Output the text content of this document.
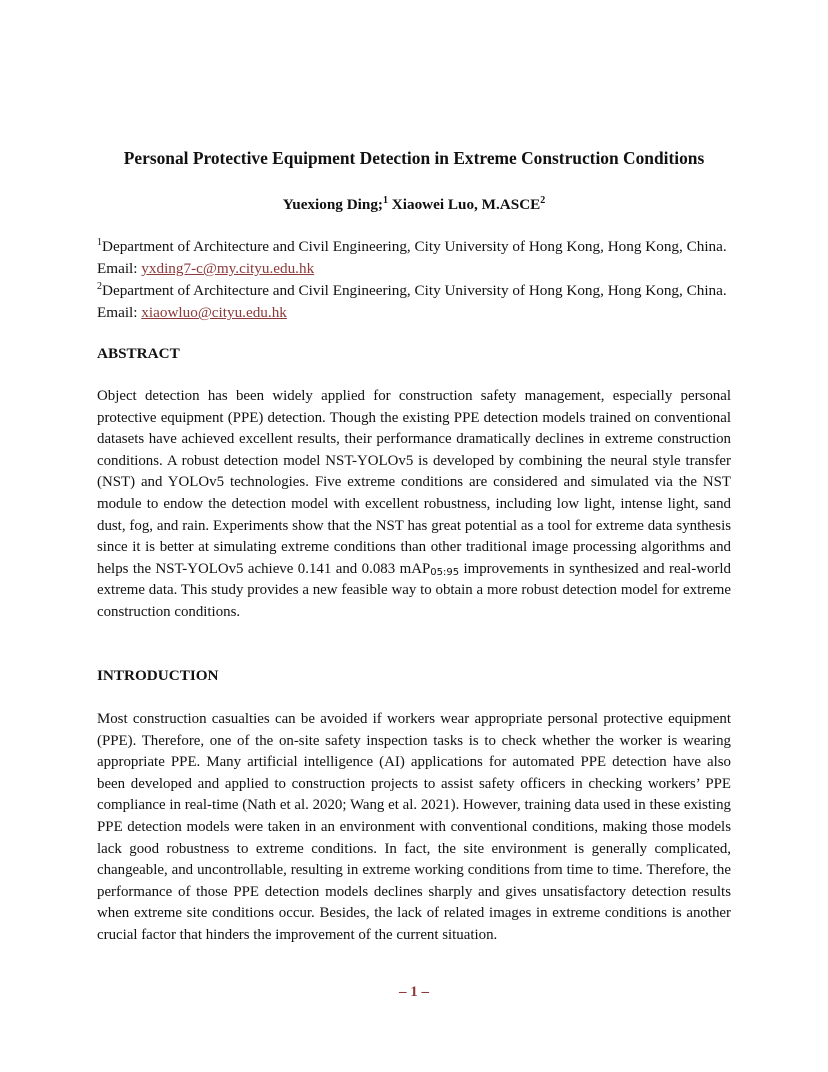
Personal Protective Equipment Detection in Extreme Construction Conditions

Yuexiong Ding;$^1$ Xiaowei Luo, M.ASCE$^2$

$^1$Department of Architecture and Civil Engineering, City University of Hong Kong, Hong Kong, China. Email: yxding7-c@my.cityu.edu.hk

$^2$Department of Architecture and Civil Engineering, City University of Hong Kong, Hong Kong, China. Email: xiaowluo@cityu.edu.hk

ABSTRACT

Object detection has been widely applied for construction safety management, especially personal protective equipment (PPE) detection. Though the existing PPE detection models trained on conventional datasets have achieved excellent results, their performance dramatically declines in extreme construction conditions. A robust detection model NST-YOLOv5 is developed by combining the neural style transfer (NST) and YOLOv5 technologies. Five extreme conditions are considered and simulated via the NST module to endow the detection model with excellent robustness, including low light, intense light, sand dust, fog, and rain. Experiments show that the NST has great potential as a tool for extreme data synthesis since it is better at simulating extreme conditions than other traditional image processing algorithms and helps the NST-YOLOv5 achieve 0.141 and 0.083 mAP$_{05:95}$ improvements in synthesized and real-world extreme data. This study provides a new feasible way to obtain a more robust detection model for extreme construction conditions.

INTRODUCTION

Most construction casualties can be avoided if workers wear appropriate personal protective equipment (PPE). Therefore, one of the on-site safety inspection tasks is to check whether the worker is wearing appropriate PPE. Many artificial intelligence (AI) applications for automated PPE detection have also been developed and applied to construction projects to assist safety officers in checking workers’ PPE compliance in real-time (Nath et al. 2020; Wang et al. 2021). However, training data used in these existing PPE detection models were taken in an environment with conventional conditions, making those models lack good robustness to extreme conditions. In fact, the site environment is generally complicated, changeable, and uncontrollable, resulting in extreme working conditions from time to time. Therefore, the performance of those PPE detection models declines sharply and gives unsatisfactory detection results when extreme site conditions occur. Besides, the lack of related images in extreme conditions is another crucial factor that hinders the improvement of the current situation.

– 1 –
